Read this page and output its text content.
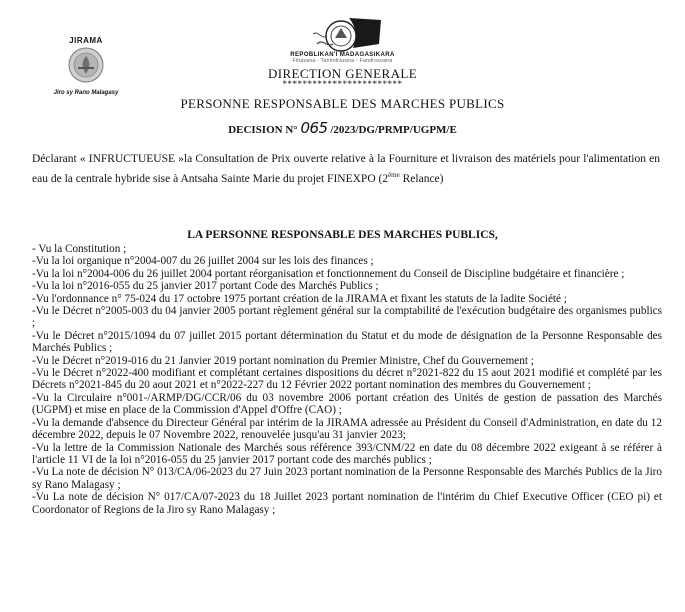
JIRAMA
Jiro sy Rano Malagasy
REPOBLIKAN'I MADAGASIKARA
Fitiavana - Tanindrazana - Fandrosoana
DIRECTION GENERALE
************************
PERSONNE RESPONSABLE DES MARCHES PUBLICS
DECISION N° 065 /2023/DG/PRMP/UGPM/E
Déclarant « INFRUCTUEUSE »la Consultation de Prix ouverte relative à la Fourniture et livraison des matériels pour l'alimentation en eau de la centrale hybride sise à Antsaha Sainte Marie du projet FINEXPO (2ème Relance)
LA PERSONNE RESPONSABLE DES MARCHES PUBLICS,

- Vu la Constitution ;

-Vu la loi organique n°2004-007 du 26 juillet 2004 sur les lois des finances ;

-Vu la loi n°2004-006 du 26 juillet 2004 portant réorganisation et fonctionnement du Conseil de Discipline budgétaire et financière ;

-Vu la loi n°2016-055 du 25 janvier 2017 portant Code des Marchés Publics ;

-Vu l'ordonnance n° 75-024 du 17 octobre 1975 portant création de la JIRAMA et fixant les statuts de la ladite Société ;

-Vu le Décret n°2005-003 du 04 janvier 2005 portant règlement général sur la comptabilité de l'exécution budgétaire des organismes publics ;

-Vu le Décret n°2015/1094 du 07 juillet 2015 portant détermination du Statut et du mode de désignation de la Personne Responsable des Marchés Publics ;

-Vu le Décret n°2019-016 du 21 Janvier 2019 portant nomination du Premier Ministre, Chef du Gouvernement ;

-Vu le Décret n°2022-400 modifiant et complétant certaines dispositions du décret n°2021-822 du 15 aout 2021 modifié et complété par les Décrets n°2021-845 du 20 aout 2021 et n°2022-227 du 12 Février 2022 portant nomination des membres du Gouvernement ;

-Vu la Circulaire n°001-/ARMP/DG/CCR/06 du 03 novembre 2006 portant création des Unités de gestion de passation des Marchés (UGPM) et mise en place de la Commission d'Appel d'Offre (CAO) ;

-Vu la demande d'absence du Directeur Général par intérim de la JIRAMA adressée au Président du Conseil d'Administration, en date du 12 décembre 2022, depuis le 07 Novembre 2022, renouvelée jusqu'au 31 janvier 2023;

-Vu la lettre de la Commission Nationale des Marchés sous référence 393/CNM/22 en date du 08 décembre 2022 exigeant à se référer à l'article 11 VI de la loi n°2016-055 du 25 janvier 2017 portant code des marchés publics ;

-Vu La note de décision N° 013/CA/06-2023 du 27 Juin 2023 portant nomination de la Personne Responsable des Marchés Publics de la Jiro sy Rano Malagasy ;

-Vu La note de décision N° 017/CA/07-2023 du 18 Juillet 2023 portant nomination de l'intérim du Chief Executive Officer (CEO pi) et Coordonator of Regions de la Jiro sy Rano Malagasy ;
